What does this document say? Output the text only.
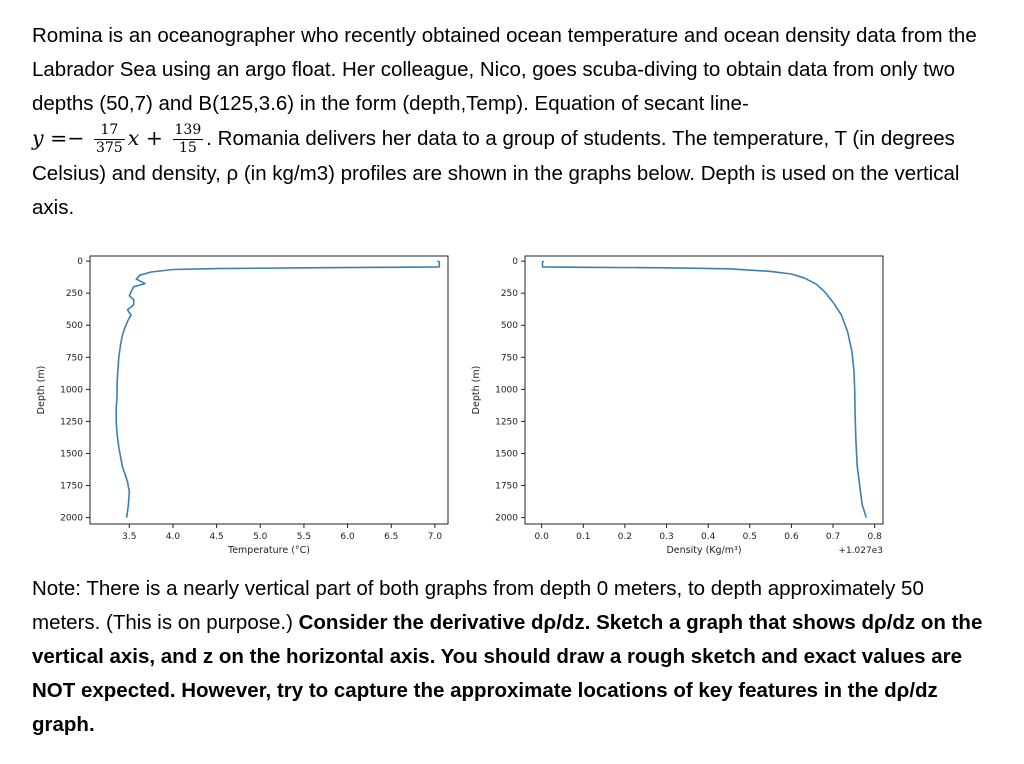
Romina is an oceanographer who recently obtained ocean temperature and ocean density data from the Labrador Sea using an argo float. Her colleague, Nico, goes scuba-diving to obtain data from only two depths (50,7) and B(125,3.6) in the form (depth,Temp). Equation of secant line-
$y =- \frac{17}{375}$ $x + \frac{139}{15}$ . Romania delivers her data to a group of students. The temperature, T (in degrees Celsius) and density, ρ (in kg/m3) profiles are shown in the graphs below. Depth is used on the vertical axis.
0
250
500
750
1000
1250
1500
1750
2000
3.5	4.0	4.5	5.0	5.5	6.0	6.5	7.0
Temperature (°C)
Depth (m)
0
250
500
750
1000
1250
1500
1750
2000
0.0	0.1	0.2	0.3	0.4	0.5	0.6	0.7	0.8
Density (Kg/m³)
Depth (m)
+1.027e3
Note: There is a nearly vertical part of both graphs from depth 0 meters, to depth approximately 50 meters. (This is on purpose.) Consider the derivative dρ/dz. Sketch a graph that shows dρ/dz on the vertical axis, and z on the horizontal axis. You should draw a rough sketch and exact values are NOT expected. However, try to capture the approximate locations of key features in the dρ/dz graph.
